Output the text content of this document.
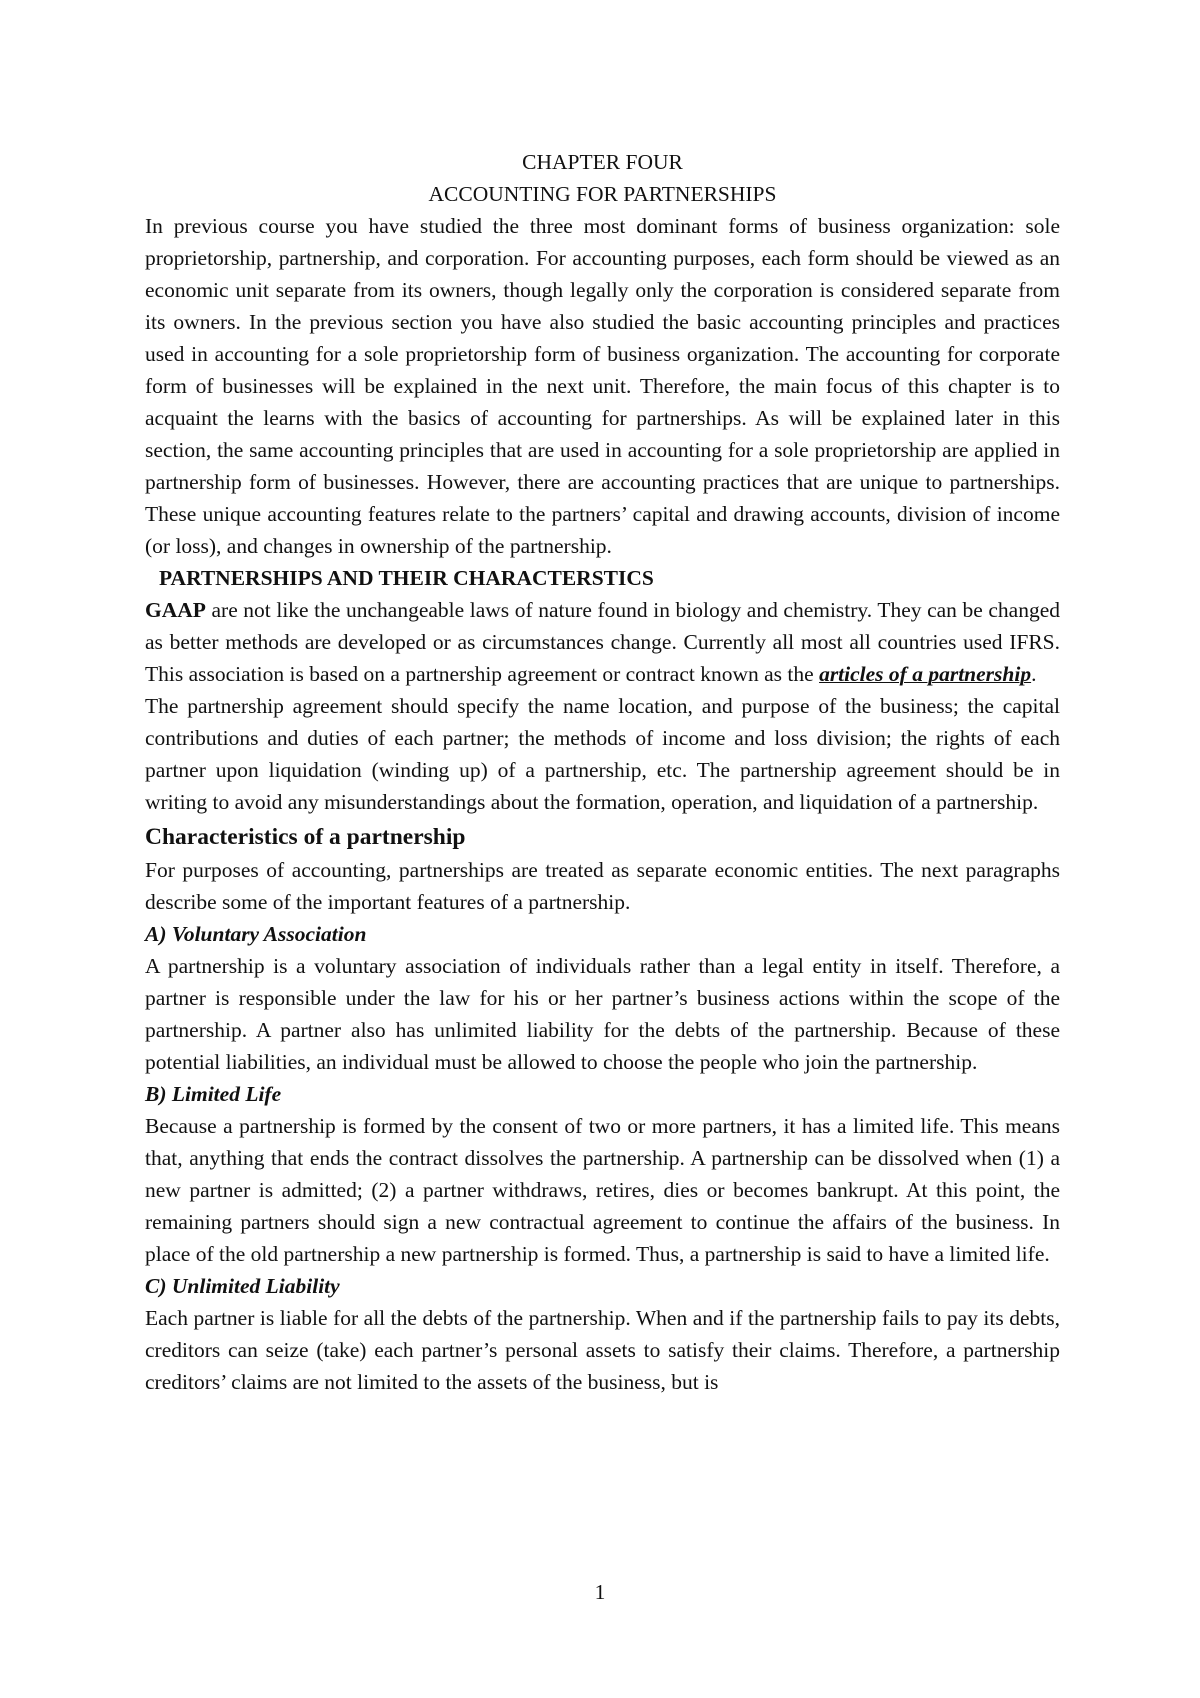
CHAPTER FOUR

ACCOUNTING FOR PARTNERSHIPS

In previous course you have studied the three most dominant forms of business organization: sole proprietorship, partnership, and corporation. For accounting purposes, each form should be viewed as an economic unit separate from its owners, though legally only the corporation is considered separate from its owners. In the previous section you have also studied the basic accounting principles and practices used in accounting for a sole proprietorship form of business organization. The accounting for corporate form of businesses will be explained in the next unit. Therefore, the main focus of this chapter is to acquaint the learns with the basics of accounting for partnerships. As will be explained later in this section, the same accounting principles that are used in accounting for a sole proprietorship are applied in partnership form of businesses. However, there are accounting practices that are unique to partnerships. These unique accounting features relate to the partners’ capital and drawing accounts, division of income (or loss), and changes in ownership of the partnership.

PARTNERSHIPS AND THEIR CHARACTERSTICS

GAAP are not like the unchangeable laws of nature found in biology and chemistry. They can be changed as better methods are developed or as circumstances change. Currently all most all countries used IFRS. This association is based on a partnership agreement or contract known as the articles of a partnership.

The partnership agreement should specify the name location, and purpose of the business; the capital contributions and duties of each partner; the methods of income and loss division; the rights of each partner upon liquidation (winding up) of a partnership, etc. The partnership agreement should be in writing to avoid any misunderstandings about the formation, operation, and liquidation of a partnership.

Characteristics of a partnership

For purposes of accounting, partnerships are treated as separate economic entities. The next paragraphs describe some of the important features of a partnership.

A) Voluntary Association

A partnership is a voluntary association of individuals rather than a legal entity in itself. Therefore, a partner is responsible under the law for his or her partner’s business actions within the scope of the partnership. A partner also has unlimited liability for the debts of the partnership. Because of these potential liabilities, an individual must be allowed to choose the people who join the partnership.

B) Limited Life

Because a partnership is formed by the consent of two or more partners, it has a limited life. This means that, anything that ends the contract dissolves the partnership. A partnership can be dissolved when (1) a new partner is admitted; (2) a partner withdraws, retires, dies or becomes bankrupt. At this point, the remaining partners should sign a new contractual agreement to continue the affairs of the business. In place of the old partnership a new partnership is formed. Thus, a partnership is said to have a limited life.

C) Unlimited Liability

Each partner is liable for all the debts of the partnership. When and if the partnership fails to pay its debts, creditors can seize (take) each partner’s personal assets to satisfy their claims. Therefore, a partnership creditors’ claims are not limited to the assets of the business, but is

1
